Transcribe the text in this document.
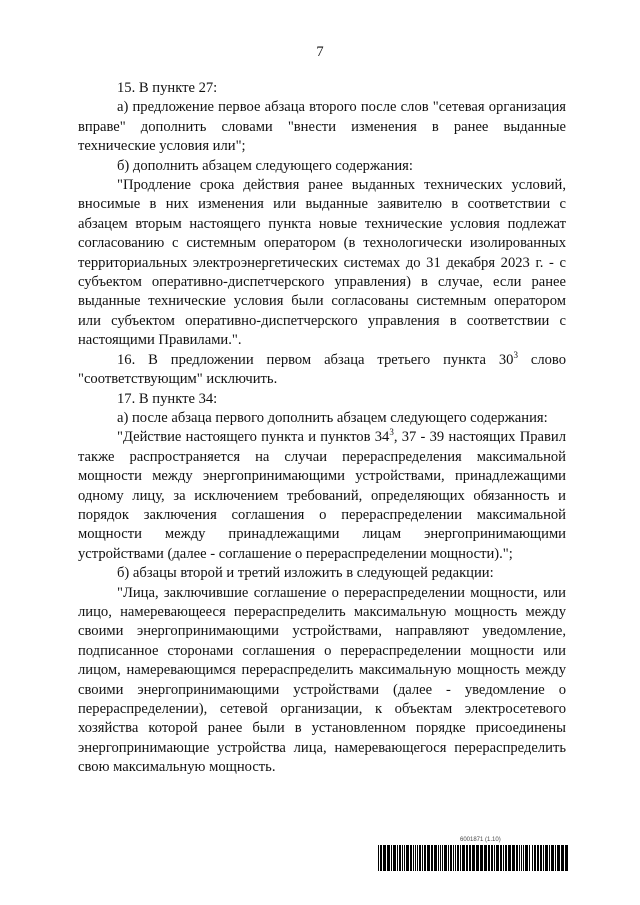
7

15. В пункте 27:

а) предложение первое абзаца второго после слов "сетевая организация вправе" дополнить словами "внести изменения в ранее выданные технические условия или";

б) дополнить абзацем следующего содержания:

"Продление срока действия ранее выданных технических условий, вносимые в них изменения или выданные заявителю в соответствии с абзацем вторым настоящего пункта новые технические условия подлежат согласованию с системным оператором (в технологически изолированных территориальных электроэнергетических системах до 31 декабря 2023 г. - с субъектом оперативно-диспетчерского управления) в случае, если ранее выданные технические условия были согласованы системным оператором или субъектом оперативно-диспетчерского управления в соответствии с настоящими Правилами.".

16. В предложении первом абзаца третьего пункта $30^3$ слово "соответствующим" исключить.

17. В пункте 34:

а) после абзаца первого дополнить абзацем следующего содержания:

"Действие настоящего пункта и пунктов $34^3$, 37 - 39 настоящих Правил также распространяется на случаи перераспределения максимальной мощности между энергопринимающими устройствами, принадлежащими одному лицу, за исключением требований, определяющих обязанность и порядок заключения соглашения о перераспределении максимальной мощности между принадлежащими лицам энергопринимающими устройствами (далее - соглашение о перераспределении мощности).";

б) абзацы второй и третий изложить в следующей редакции:

"Лица, заключившие соглашение о перераспределении мощности, или лицо, намеревающееся перераспределить максимальную мощность между своими энергопринимающими устройствами, направляют уведомление, подписанное сторонами соглашения о перераспределении мощности или лицом, намеревающимся перераспределить максимальную мощность между своими энергопринимающими устройствами (далее - уведомление о перераспределении), сетевой организации, к объектам электросетевого хозяйства которой ранее были в установленном порядке присоединены энергопринимающие устройства лица, намеревающегося перераспределить свою максимальную мощность.

6001871 (1.10)
